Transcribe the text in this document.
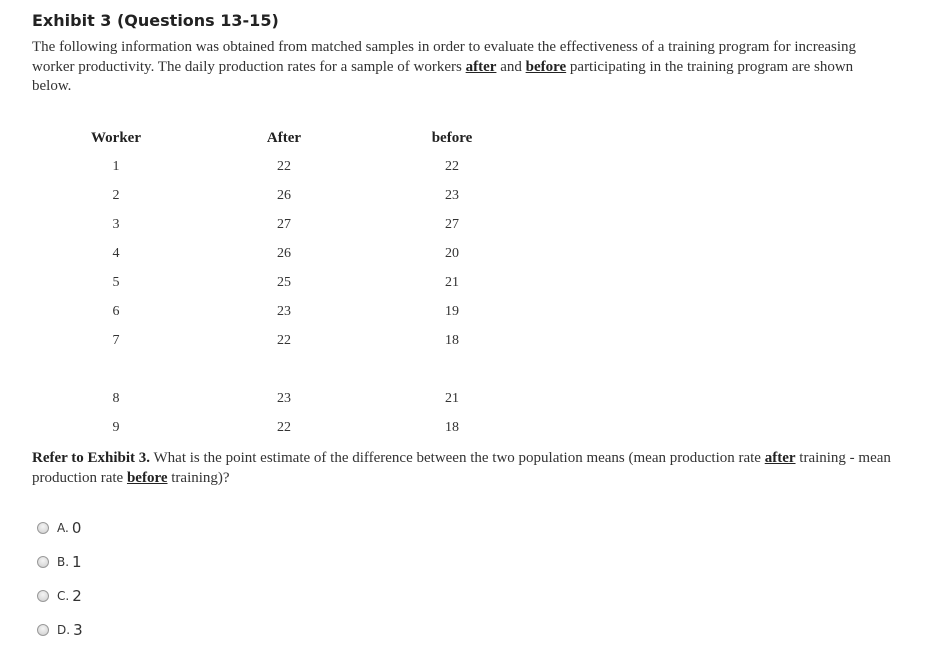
Exhibit 3 (Questions 13-15)
The following information was obtained from matched samples in order to evaluate the effectiveness of a training program for increasing worker productivity. The daily production rates for a sample of workers after and before participating in the training program are shown below.
Worker	After	before
1	22	22
2	26	23
3	27	27
4	26	20
5	25	21
6	23	19
7	22	18
8	23	21
9	22	18
Refer to Exhibit 3. What is the point estimate of the difference between the two population means (mean production rate after training - mean production rate before training)?
A. 0
B. 1
C. 2
D. 3
